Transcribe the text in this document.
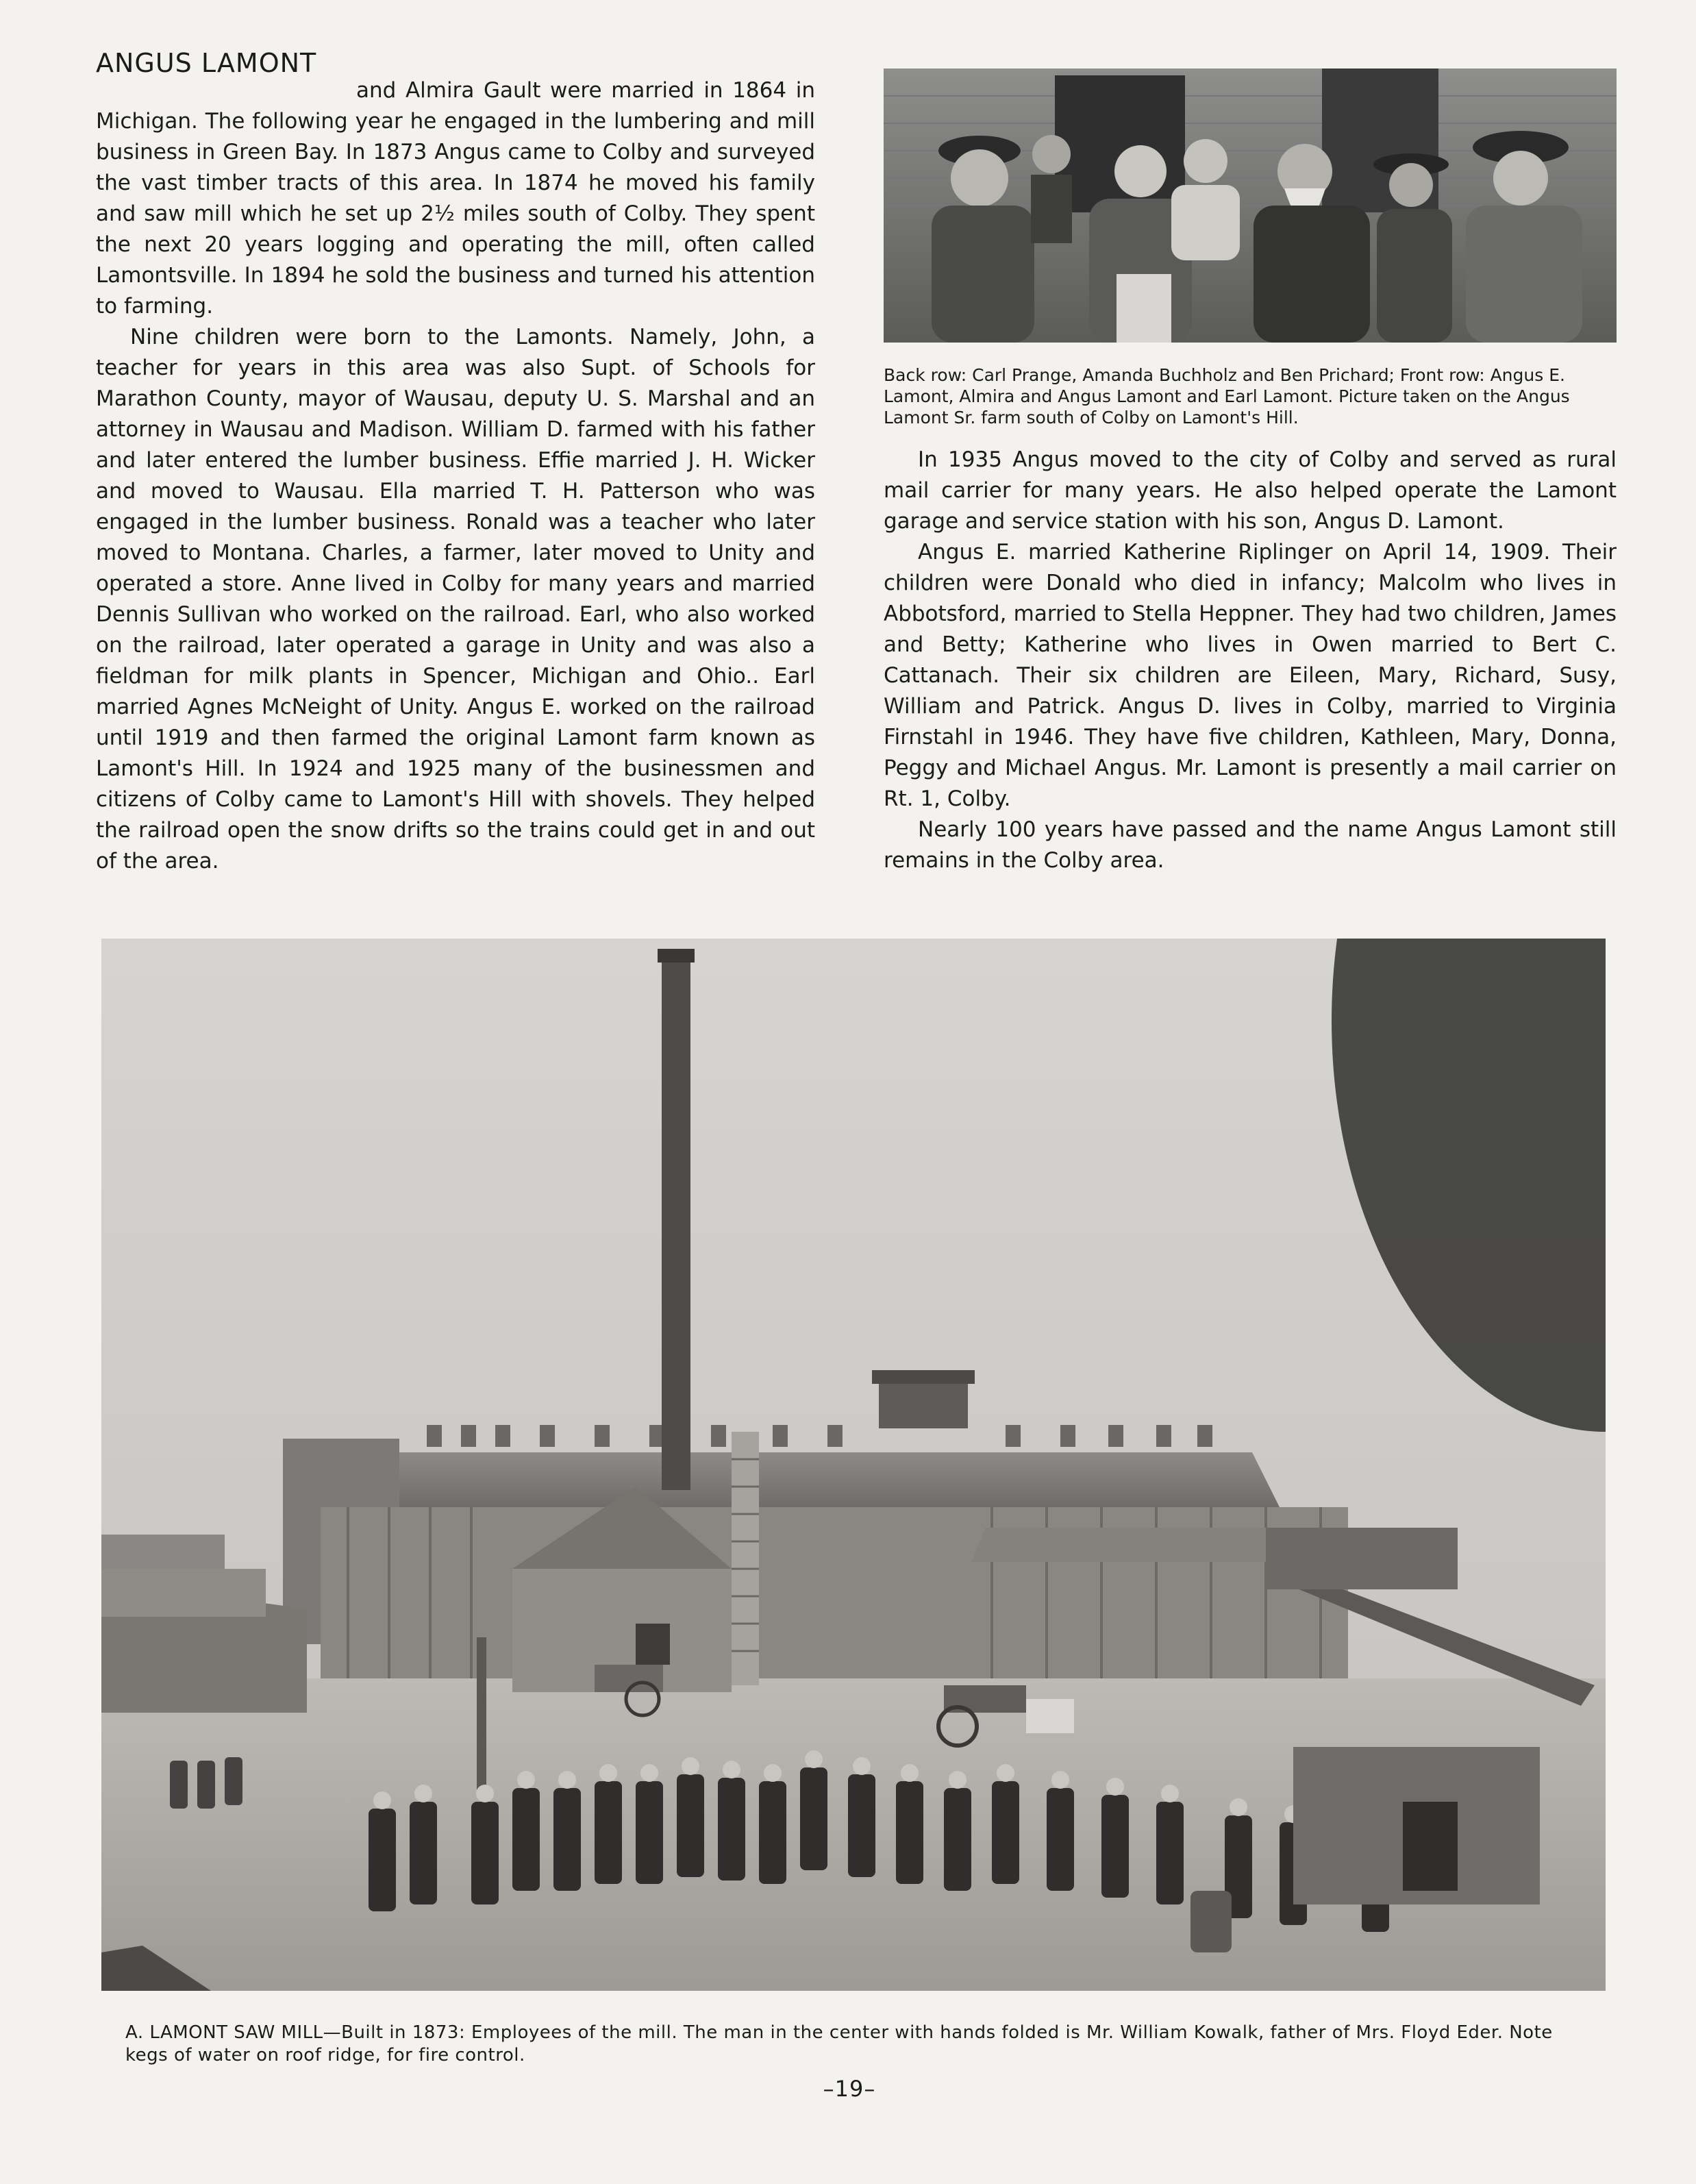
ANGUS LAMONT

and Almira Gault were married in 1864 in Michigan. The following year he engaged in the lumbering and mill business in Green Bay. In 1873 Angus came to Colby and surveyed the vast timber tracts of this area. In 1874 he moved his family and saw mill which he set up 2½ miles south of Colby. They spent the next 20 years logging and operating the mill, often called Lamontsville. In 1894 he sold the business and turned his attention to farming.

Nine children were born to the Lamonts. Namely, John, a teacher for years in this area was also Supt. of Schools for Marathon County, mayor of Wausau, deputy U. S. Marshal and an attorney in Wausau and Madison. William D. farmed with his father and later entered the lumber business. Effie married J. H. Wicker and moved to Wausau. Ella married T. H. Patterson who was engaged in the lumber business. Ronald was a teacher who later moved to Montana. Charles, a farmer, later moved to Unity and operated a store. Anne lived in Colby for many years and married Dennis Sullivan who worked on the railroad. Earl, who also worked on the railroad, later operated a garage in Unity and was also a fieldman for milk plants in Spencer, Michigan and Ohio.. Earl married Agnes McNeight of Unity. Angus E. worked on the railroad until 1919 and then farmed the original Lamont farm known as Lamont's Hill. In 1924 and 1925 many of the businessmen and citizens of Colby came to Lamont's Hill with shovels. They helped the railroad open the snow drifts so the trains could get in and out of the area.

Back row: Carl Prange, Amanda Buchholz and Ben Prichard; Front row: Angus E. Lamont, Almira and Angus Lamont and Earl Lamont. Picture taken on the Angus Lamont Sr. farm south of Colby on Lamont's Hill.

In 1935 Angus moved to the city of Colby and served as rural mail carrier for many years. He also helped operate the Lamont garage and service station with his son, Angus D. Lamont.

Angus E. married Katherine Riplinger on April 14, 1909. Their children were Donald who died in infancy; Malcolm who lives in Abbotsford, married to Stella Heppner. They had two children, James and Betty; Katherine who lives in Owen married to Bert C. Cattanach. Their six children are Eileen, Mary, Richard, Susy, William and Patrick. Angus D. lives in Colby, married to Virginia Firnstahl in 1946. They have five children, Kathleen, Mary, Donna, Peggy and Michael Angus. Mr. Lamont is presently a mail carrier on Rt. 1, Colby.

Nearly 100 years have passed and the name Angus Lamont still remains in the Colby area.

A. LAMONT SAW MILL—Built in 1873: Employees of the mill. The man in the center with hands folded is Mr. William Kowalk, father of Mrs. Floyd Eder. Note kegs of water on roof ridge, for fire control.

–19–
